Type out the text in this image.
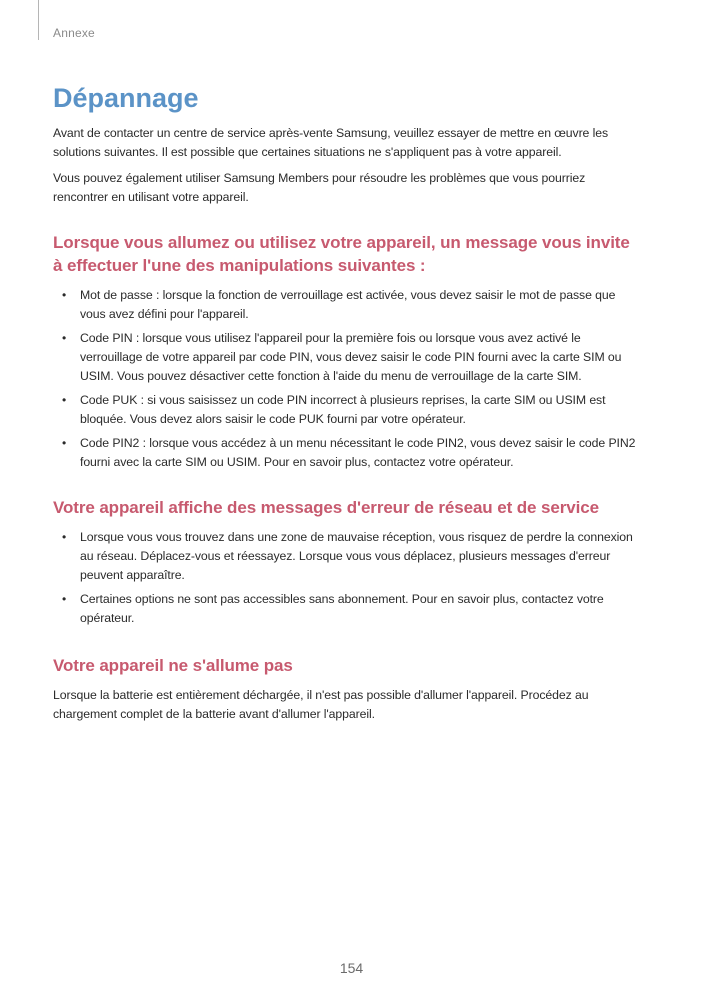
Annexe
Dépannage

Avant de contacter un centre de service après-vente Samsung, veuillez essayer de mettre en œuvre les solutions suivantes. Il est possible que certaines situations ne s'appliquent pas à votre appareil.

Vous pouvez également utiliser Samsung Members pour résoudre les problèmes que vous pourriez rencontrer en utilisant votre appareil.

Lorsque vous allumez ou utilisez votre appareil, un message vous invite à effectuer l'une des manipulations suivantes :
• Mot de passe : lorsque la fonction de verrouillage est activée, vous devez saisir le mot de passe que vous avez défini pour l'appareil.
• Code PIN : lorsque vous utilisez l'appareil pour la première fois ou lorsque vous avez activé le verrouillage de votre appareil par code PIN, vous devez saisir le code PIN fourni avec la carte SIM ou USIM. Vous pouvez désactiver cette fonction à l'aide du menu de verrouillage de la carte SIM.
• Code PUK : si vous saisissez un code PIN incorrect à plusieurs reprises, la carte SIM ou USIM est bloquée. Vous devez alors saisir le code PUK fourni par votre opérateur.
• Code PIN2 : lorsque vous accédez à un menu nécessitant le code PIN2, vous devez saisir le code PIN2 fourni avec la carte SIM ou USIM. Pour en savoir plus, contactez votre opérateur.
Votre appareil affiche des messages d'erreur de réseau et de service
• Lorsque vous vous trouvez dans une zone de mauvaise réception, vous risquez de perdre la connexion au réseau. Déplacez-vous et réessayez. Lorsque vous vous déplacez, plusieurs messages d'erreur peuvent apparaître.
• Certaines options ne sont pas accessibles sans abonnement. Pour en savoir plus, contactez votre opérateur.
Votre appareil ne s'allume pas

Lorsque la batterie est entièrement déchargée, il n'est pas possible d'allumer l'appareil. Procédez au chargement complet de la batterie avant d'allumer l'appareil.

154
